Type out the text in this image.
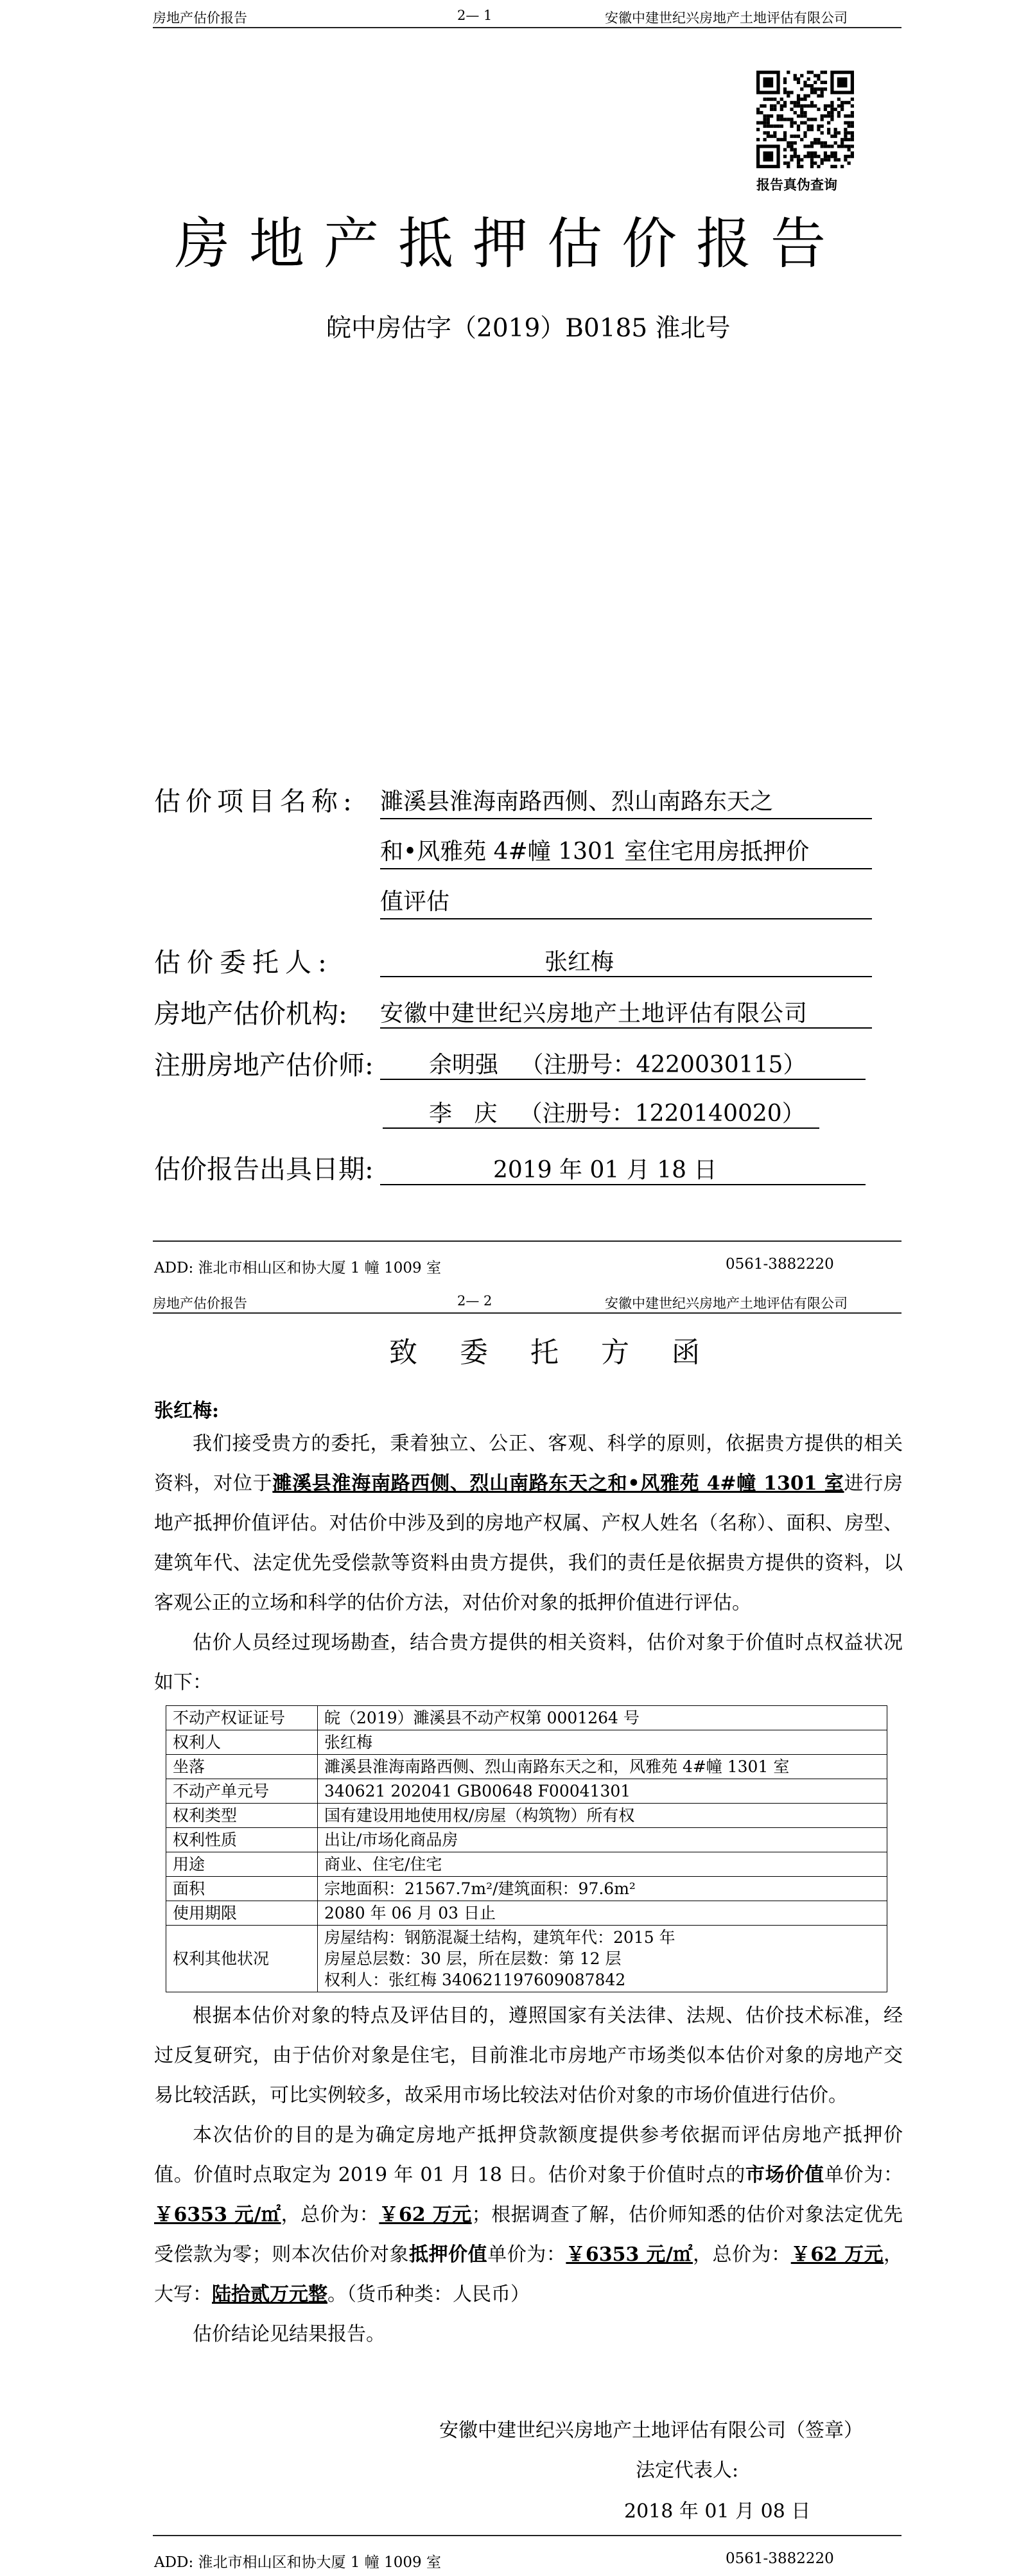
房地产估价报告	2— 1	安徽中建世纪兴房地产土地评估有限公司
报告真伪查询
房地产抵押估价报告
皖中房估字（2019）B0185 淮北号
估价项目名称: 濉溪县淮海南路西侧、烈山南路东天之
和•风雅苑 4#幢 1301 室住宅用房抵押价
值评估
估价委托人:	张红梅
房地产估价机构: 安徽中建世纪兴房地产土地评估有限公司
注册房地产估价师: 余明强   （注册号：4220030115）
李   庆   （注册号：1220140020）
估价报告出具日期:	2019 年 01 月 18 日
ADD: 淮北市相山区和协大厦 1 幢 1009 室	0561-3882220
房地产估价报告	2— 2	安徽中建世纪兴房地产土地评估有限公司
致 委 托 方 函
张红梅:

我们接受贵方的委托，秉着独立、公正、客观、科学的原则，依据贵方提供的相关资料，对位于濉溪县淮海南路西侧、烈山南路东天之和•风雅苑 4#幢 1301 室进行房地产抵押价值评估。对估价中涉及到的房地产权属、产权人姓名（名称）、面积、房型、建筑年代、法定优先受偿款等资料由贵方提供，我们的责任是依据贵方提供的资料，以客观公正的立场和科学的估价方法，对估价对象的抵押价值进行评估。

估价人员经过现场勘查，结合贵方提供的相关资料，估价对象于价值时点权益状况如下：

不动产权证证号	皖（2019）濉溪县不动产权第 0001264 号

权利人	张红梅

坐落	濉溪县淮海南路西侧、烈山南路东天之和，风雅苑 4#幢 1301 室

不动产单元号	340621 202041 GB00648 F00041301

权利类型	国有建设用地使用权/房屋（构筑物）所有权

权利性质	出让/市场化商品房

用途	商业、住宅/住宅

面积	宗地面积：21567.7m²/建筑面积：97.6m²

使用期限	2080 年 06 月 03 日止

权利其他状况	房屋结构：钢筋混凝土结构，建筑年代：2015 年
房屋总层数：30 层，所在层数：第 12 层
权利人：张红梅 340621197609087842

根据本估价对象的特点及评估目的，遵照国家有关法律、法规、估价技术标准，经过反复研究，由于估价对象是住宅，目前淮北市房地产市场类似本估价对象的房地产交易比较活跃，可比实例较多，故采用市场比较法对估价对象的市场价值进行估价。

本次估价的目的是为确定房地产抵押贷款额度提供参考依据而评估房地产抵押价值。价值时点取定为 2019 年 01 月 18 日。估价对象于价值时点的市场价值单价为：￥6353 元/㎡，总价为：￥62 万元；根据调查了解，估价师知悉的估价对象法定优先受偿款为零；则本次估价对象抵押价值单价为：￥6353 元/㎡，总价为：￥62 万元，大写：陆拾贰万元整。（货币种类：人民币）

估价结论见结果报告。

安徽中建世纪兴房地产土地评估有限公司（签章）
法定代表人:
2018 年 01 月 08 日
ADD: 淮北市相山区和协大厦 1 幢 1009 室	0561-3882220
